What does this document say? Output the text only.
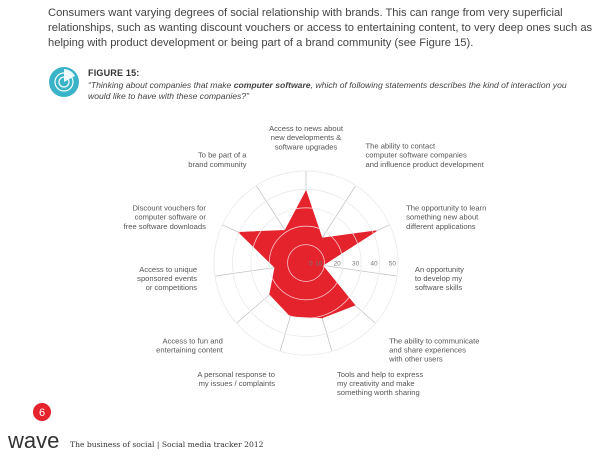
Consumers want varying degrees of social relationship with brands. This can range from very superficial relationships, such as wanting discount vouchers or access to entertaining content, to very deep ones such as helping with product development or being part of a brand community (see Figure 15).
FIGURE 15:
“Thinking about companies that make computer software, which of following statements describes the kind of interaction you would like to have with these companies?”
0 10 20 30 40 50
Access to news about new developments & software upgrades	The ability to contact computer software companies and influence product development
The opportunity to learn something new about different applications
An opportunity to develop my software skills
The ability to communicate and share experiences with other users
Tools and help to express my creativity and make something worth sharing
A personal response to my issues / complaints
Access to fun and entertaining content
Access to unique sponsored events or competitions
Discount vouchers for computer software or free software downloads
To be part of a brand community
6
wave The business of social | Social media tracker 2012
